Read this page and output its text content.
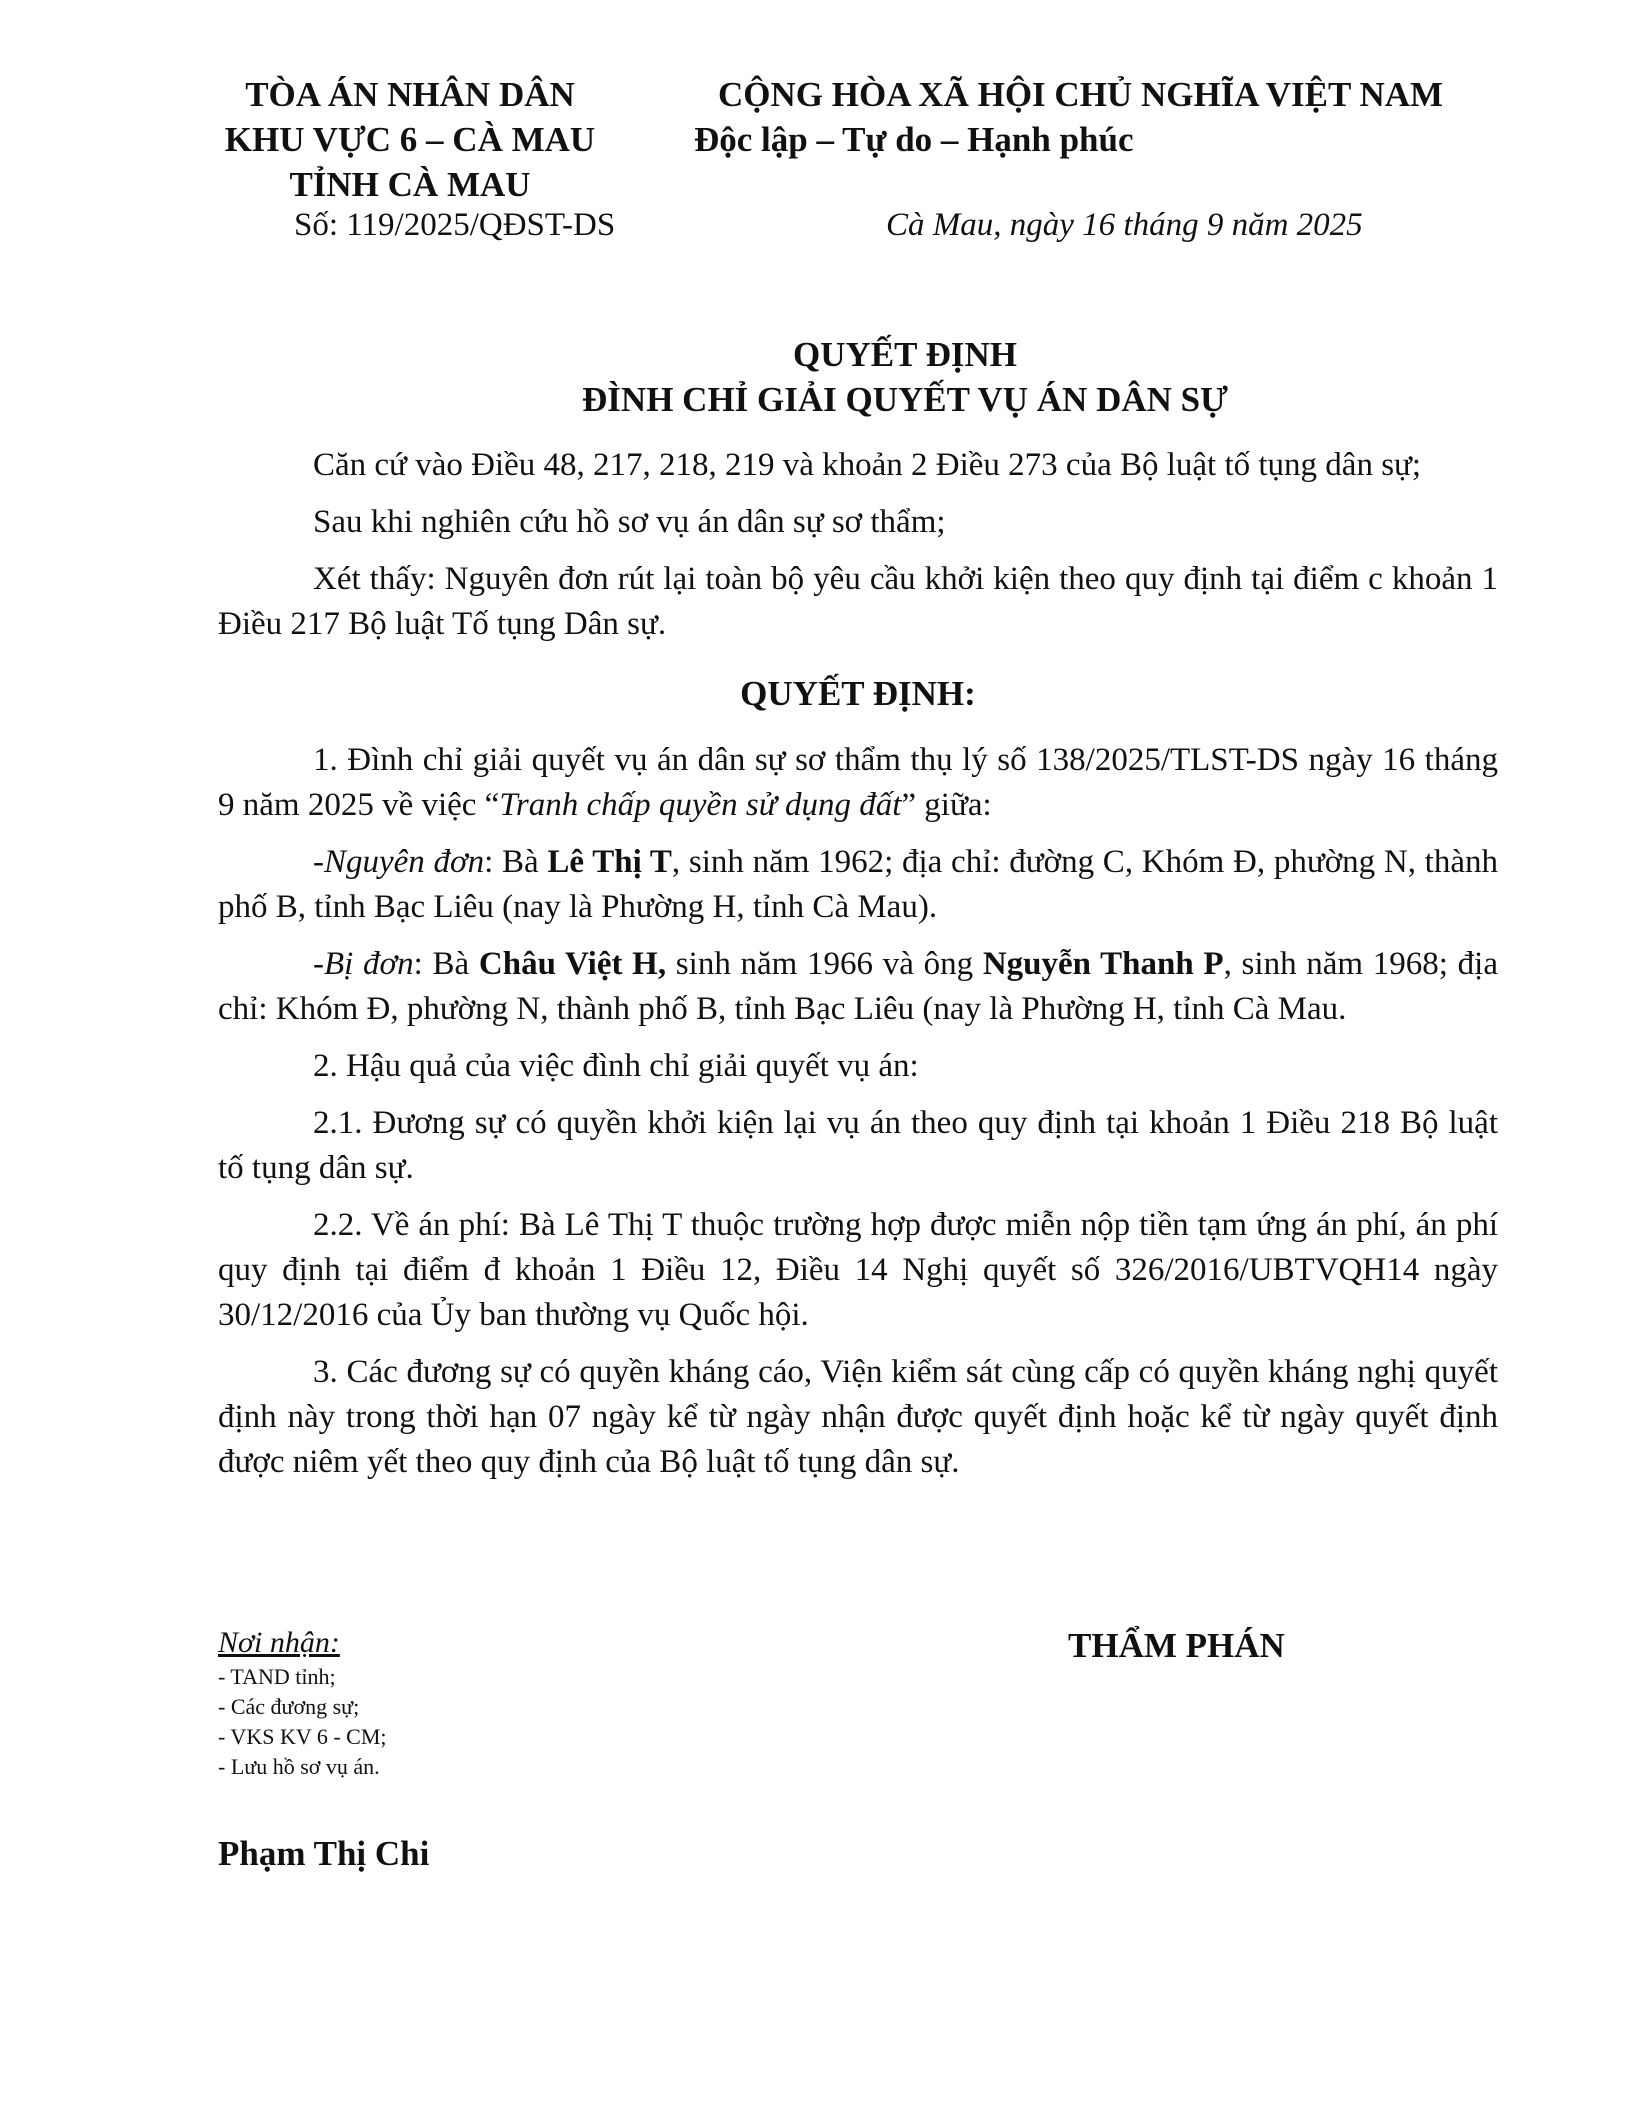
TÒA ÁN NHÂN DÂN
KHU VỰC 6 – CÀ MAU
TỈNH CÀ MAU
CỘNG HÒA XÃ HỘI CHỦ NGHĨA VIỆT NAM
Độc lập – Tự do – Hạnh phúc
Số: 119/2025/QĐST-DS	Cà Mau, ngày 16 tháng 9 năm 2025
QUYẾT ĐỊNH
ĐÌNH CHỈ GIẢI QUYẾT VỤ ÁN DÂN SỰ

Căn cứ vào Điều 48, 217, 218, 219 và khoản 2 Điều 273 của Bộ luật tố tụng dân sự;

Sau khi nghiên cứu hồ sơ vụ án dân sự sơ thẩm;

Xét thấy: Nguyên đơn rút lại toàn bộ yêu cầu khởi kiện theo quy định tại điểm c khoản 1 Điều 217 Bộ luật Tố tụng Dân sự.

QUYẾT ĐỊNH:

1. Đình chỉ giải quyết vụ án dân sự sơ thẩm thụ lý số 138/2025/TLST-DS ngày 16 tháng 9 năm 2025 về việc “Tranh chấp quyền sử dụng đất” giữa:

-Nguyên đơn: Bà Lê Thị T, sinh năm 1962; địa chỉ: đường C, Khóm Đ, phường N, thành phố B, tỉnh Bạc Liêu (nay là Phường H, tỉnh Cà Mau).

-Bị đơn: Bà Châu Việt H, sinh năm 1966 và ông Nguyễn Thanh P, sinh năm 1968; địa chỉ: Khóm Đ, phường N, thành phố B, tỉnh Bạc Liêu (nay là Phường H, tỉnh Cà Mau.

2. Hậu quả của việc đình chỉ giải quyết vụ án:

2.1. Đương sự có quyền khởi kiện lại vụ án theo quy định tại khoản 1 Điều 218 Bộ luật tố tụng dân sự.

2.2. Về án phí: Bà Lê Thị T thuộc trường hợp được miễn nộp tiền tạm ứng án phí, án phí quy định tại điểm đ khoản 1 Điều 12, Điều 14 Nghị quyết số 326/2016/UBTVQH14 ngày 30/12/2016 của Ủy ban thường vụ Quốc hội.

3. Các đương sự có quyền kháng cáo, Viện kiểm sát cùng cấp có quyền kháng nghị quyết định này trong thời hạn 07 ngày kể từ ngày nhận được quyết định hoặc kể từ ngày quyết định được niêm yết theo quy định của Bộ luật tố tụng dân sự.

Nơi nhận:
- TAND tỉnh;
- Các đương sự;
- VKS KV 6 - CM;
- Lưu hồ sơ vụ án.
THẨM PHÁN
Phạm Thị Chi
